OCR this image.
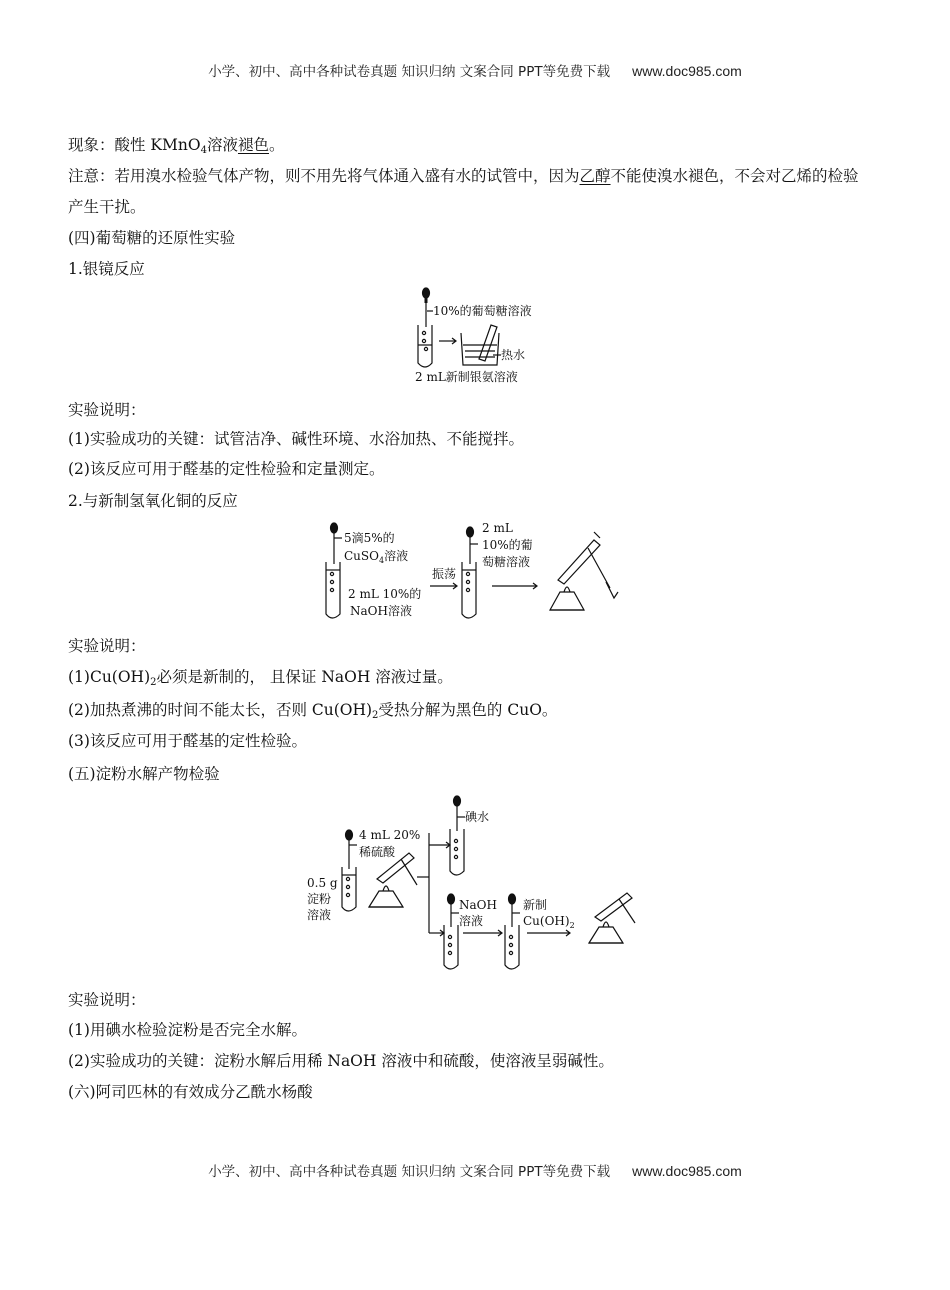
小学、初中、高中各种试卷真题 知识归纳 文案合同 PPT等免费下载 www.doc985.com
现象：酸性 KMnO$_4$溶液褪色。
注意：若用溴水检验气体产物，则不用先将气体通入盛有水的试管中，因为乙醇不能使溴水褪色，不会对乙烯的检验产生干扰。
(四)葡萄糖的还原性实验
1.银镜反应
10%的葡萄糖溶液
热水
2 mL新制银氨溶液
实验说明：
(1)实验成功的关键：试管洁净、碱性环境、水浴加热、不能搅拌。
(2)该反应可用于醛基的定性检验和定量测定。
2.与新制氢氧化铜的反应
5滴5%的
CuSO$_4$溶液
2 mL 10%的
NaOH溶液
振荡
2 mL
10%的葡
萄糖溶液
实验说明：
$(1)Cu(OH)_2$必须是新制的， 且保证 NaOH 溶液过量。
(2)加热煮沸的时间不能太长，否则 $Cu(OH)_2$受热分解为黑色的 CuO。
(3)该反应可用于醛基的定性检验。
(五)淀粉水解产物检验
4 mL 20%
稀硫酸
0.5 g
淀粉
溶液
碘水
NaOH
溶液
新制
$Cu(OH)_2$
实验说明：
(1)用碘水检验淀粉是否完全水解。
(2)实验成功的关键：淀粉水解后用稀 NaOH 溶液中和硫酸，使溶液呈弱碱性。
(六)阿司匹林的有效成分乙酰水杨酸
小学、初中、高中各种试卷真题 知识归纳 文案合同 PPT等免费下载 www.doc985.com
